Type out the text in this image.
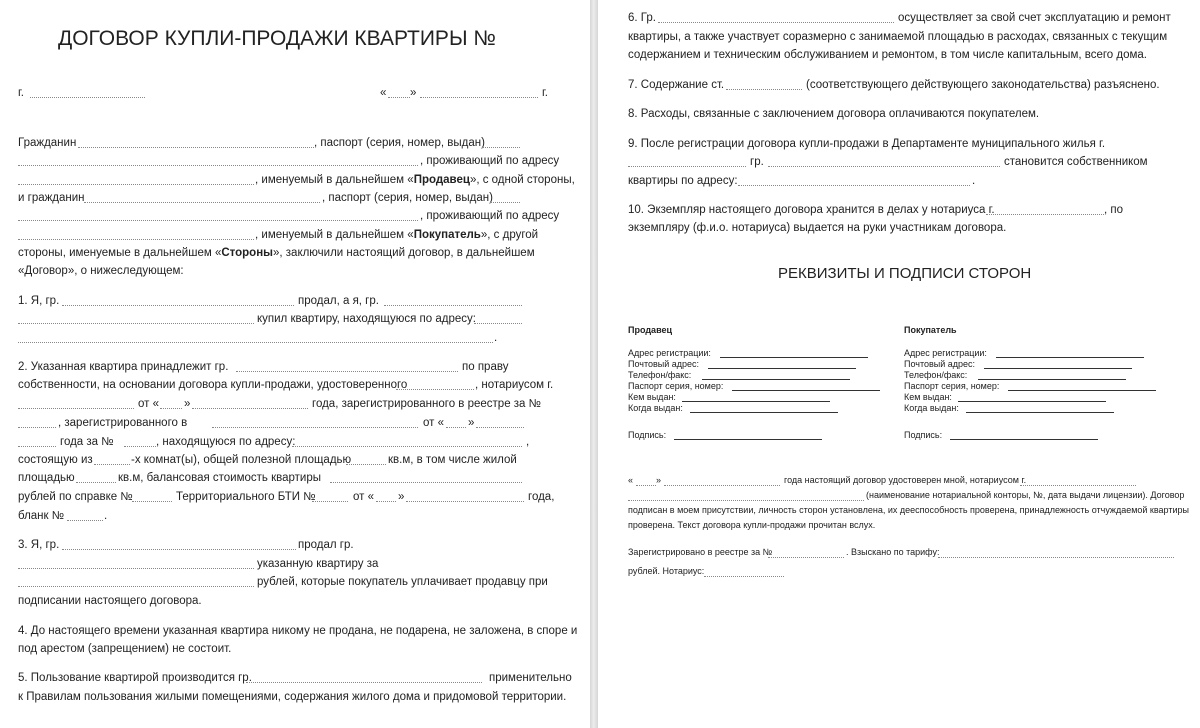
ДОГОВОР КУПЛИ-ПРОДАЖИ КВАРТИРЫ №
г.	« »	г.
Гражданин	, паспорт (серия, номер, выдан)
, проживающий по адресу
, именуемый в дальнейшем «Продавец», с одной стороны,
и гражданин	, паспорт (серия, номер, выдан)
, проживающий по адресу
, именуемый в дальнейшем «Покупатель», с другой
стороны, именуемые в дальнейшем «Стороны», заключили настоящий договор, в дальнейшем
«Договор», о нижеследующем:
1. Я, гр.	продал, а я, гр.
купил квартиру, находящуюся по адресу:
.
2. Указанная квартира принадлежит гр.	по праву
собственности, на основании договора купли-продажи, удостоверенного	, нотариусом г.
от « »	года, зарегистрированного в реестре за №
, зарегистрированного в	от « »
года за №	, находящуюся по адресу:	,
состоящую из	-х комнат(ы), общей полезной площадью	кв.м, в том числе жилой
площадью	кв.м, балансовая стоимость квартиры
рублей по справке №	Территориального БТИ №	от « »	года,
бланк №	.
3. Я, гр.	продал гр.
указанную квартиру за
рублей, которые покупатель уплачивает продавцу при
подписании настоящего договора.
4. До настоящего времени указанная квартира никому не продана, не подарена, не заложена, в споре и
под арестом (запрещением) не состоит.
5. Пользование квартирой производится гр.	применительно
к Правилам пользования жилыми помещениями, содержания жилого дома и придомовой территории.
6. Гр.	осуществляет за свой счет эксплуатацию и ремонт
квартиры, а также участвует соразмерно с занимаемой площадью в расходах, связанных с текущим
содержанием и техническим обслуживанием и ремонтом, в том числе капитальным, всего дома.
7. Содержание ст.	(соответствующего действующего законодательства) разъяснено.
8. Расходы, связанные с заключением договора оплачиваются покупателем.
9. После регистрации договора купли-продажи в Департаменте муниципального жилья г.
гр.	становится собственником
квартиры по адресу:	.
10. Экземпляр настоящего договора хранится в делах у нотариуса г.	, по
экземпляру (ф.и.о. нотариуса) выдается на руки участникам договора.
РЕКВИЗИТЫ И ПОДПИСИ СТОРОН
Продавец
Адрес регистрации:
Почтовый адрес:
Телефон/факс:
Паспорт серия, номер:
Кем выдан:
Когда выдан:
Подпись:
Покупатель
Адрес регистрации:
Почтовый адрес:
Телефон/факс:
Паспорт серия, номер:
Кем выдан:
Когда выдан:
Подпись:
«	»	года настоящий договор удостоверен мной, нотариусом г.
(наименование нотариальной конторы, №, дата выдачи лицензии). Договор
подписан в моем присутствии, личность сторон установлена, их дееспособность проверена, принадлежность отчуждаемой квартиры
проверена. Текст договора купли-продажи прочитан вслух.
Зарегистрировано в реестре за №	. Взыскано по тарифу:
рублей. Нотариус:
